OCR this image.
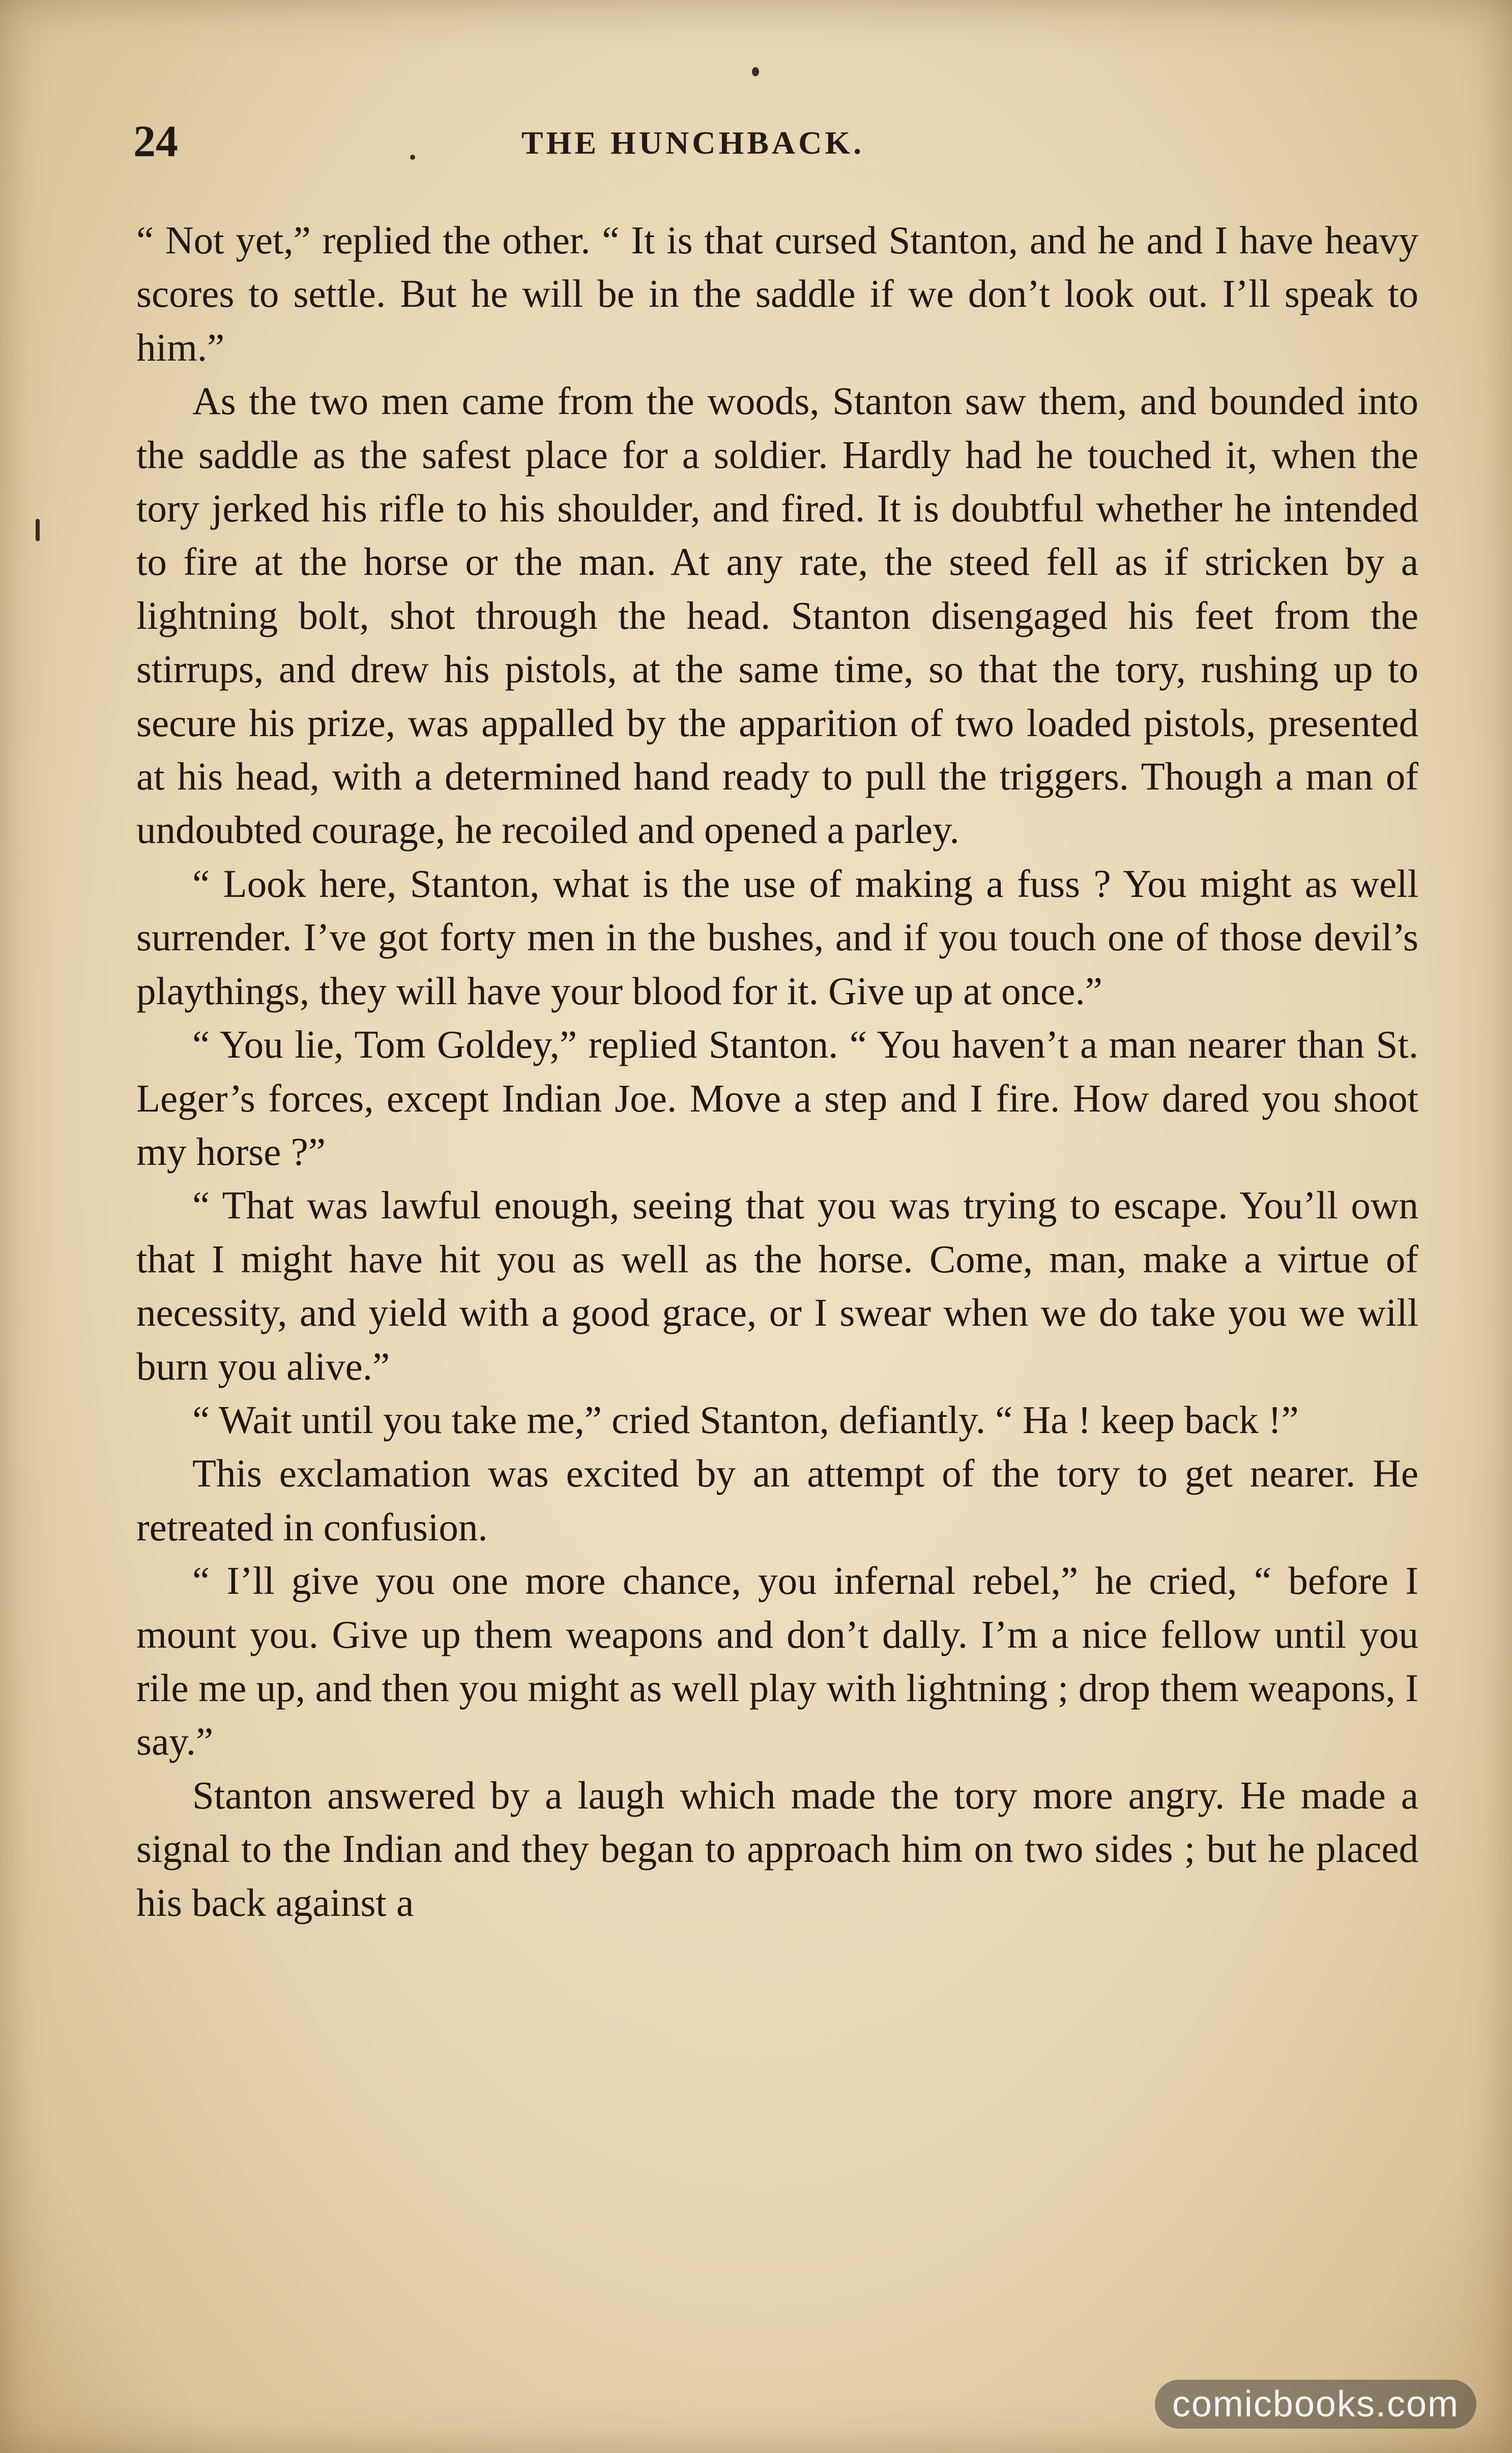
24	THE HUNCHBACK.

“ Not yet,” replied the other. “ It is that cursed Stanton, and he and I have heavy scores to settle. But he will be in the saddle if we don’t look out. I’ll speak to him.”

As the two men came from the woods, Stanton saw them, and bounded into the saddle as the safest place for a soldier. Hardly had he touched it, when the tory jerked his rifle to his shoulder, and fired. It is doubtful whether he intended to fire at the horse or the man. At any rate, the steed fell as if stricken by a lightning bolt, shot through the head. Stanton disengaged his feet from the stirrups, and drew his pistols, at the same time, so that the tory, rushing up to secure his prize, was appalled by the apparition of two loaded pistols, presented at his head, with a determined hand ready to pull the triggers. Though a man of undoubted courage, he recoiled and opened a parley.

“ Look here, Stanton, what is the use of making a fuss ? You might as well surrender. I’ve got forty men in the bushes, and if you touch one of those devil’s playthings, they will have your blood for it. Give up at once.”

“ You lie, Tom Goldey,” replied Stanton. “ You haven’t a man nearer than St. Leger’s forces, except Indian Joe. Move a step and I fire. How dared you shoot my horse ?”

“ That was lawful enough, seeing that you was trying to escape. You’ll own that I might have hit you as well as the horse. Come, man, make a virtue of necessity, and yield with a good grace, or I swear when we do take you we will burn you alive.”

“ Wait until you take me,” cried Stanton, defiantly. “ Ha ! keep back !”

This exclamation was excited by an attempt of the tory to get nearer. He retreated in confusion.

“ I’ll give you one more chance, you infernal rebel,” he cried, “ before I mount you. Give up them weapons and don’t dally. I’m a nice fellow until you rile me up, and then you might as well play with lightning ; drop them weapons, I say.”

Stanton answered by a laugh which made the tory more angry. He made a signal to the Indian and they began to approach him on two sides ; but he placed his back against a

comicbooks.com
